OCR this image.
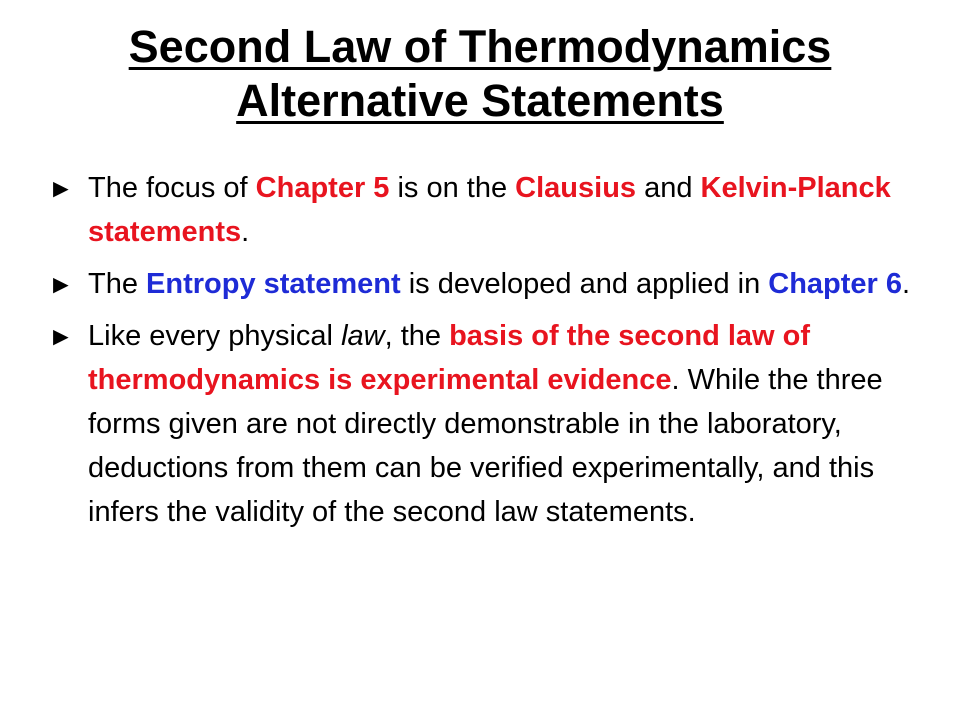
Second Law of Thermodynamics
Alternative Statements
► The focus of Chapter 5 is on the Clausius and Kelvin-Planck statements.
► The Entropy statement is developed and applied in Chapter 6.
► Like every physical law, the basis of the second law of thermodynamics is experimental evidence. While the three forms given are not directly demonstrable in the laboratory, deductions from them can be verified experimentally, and this infers the validity of the second law statements.
